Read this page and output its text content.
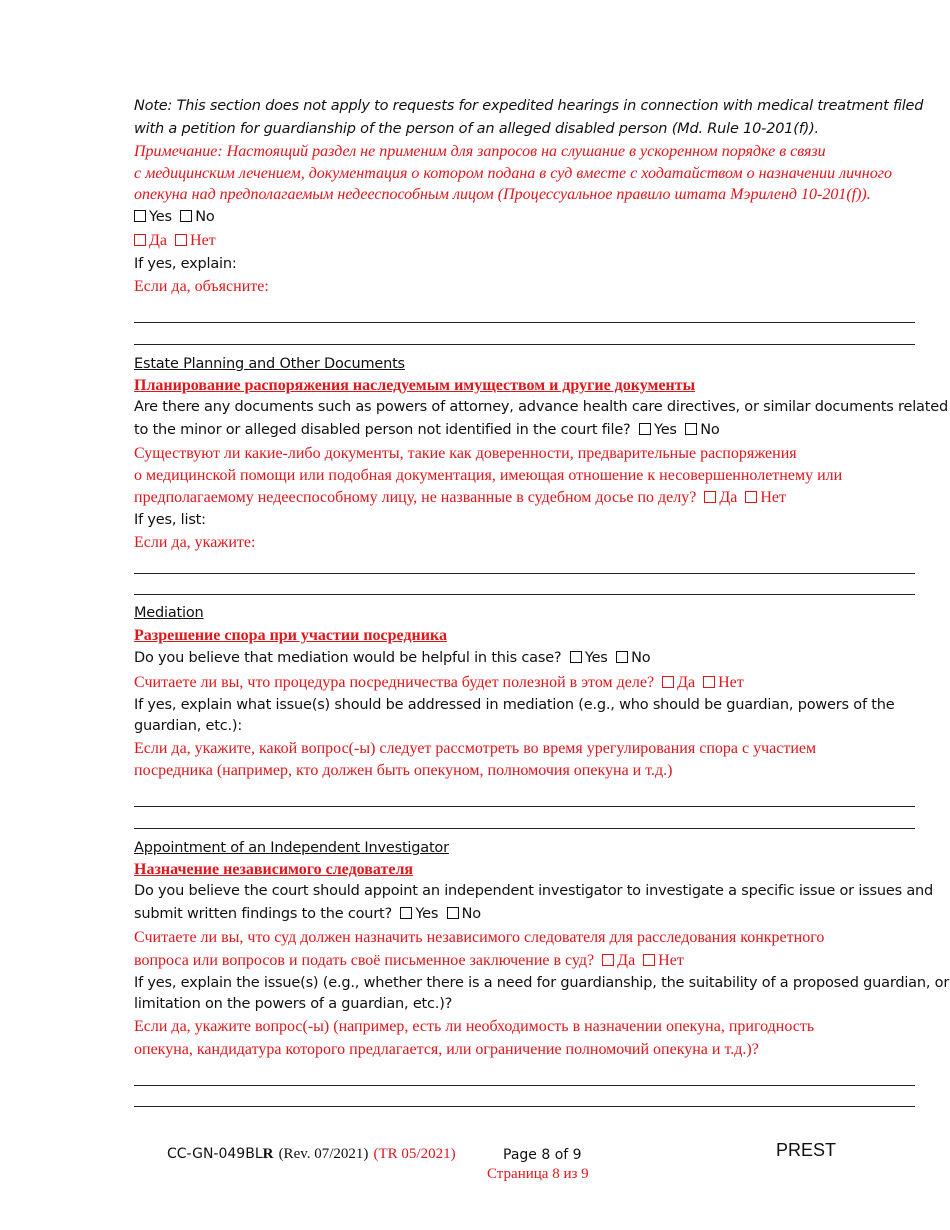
Note: This section does not apply to requests for expedited hearings in connection with medical treatment filed
with a petition for guardianship of the person of an alleged disabled person (Md. Rule 10-201(f)).
Примечание: Настоящий раздел не применим для запросов на слушание в ускоренном порядке в связи
с медицинским лечением, документация о котором подана в суд вместе с ходатайством о назначении личного
опекуна над предполагаемым недееспособным лицом (Процессуальное правило штата Мэриленд 10-201(f)).
Yes No
Да Нет
If yes, explain:
Если да, объясните:
Estate Planning and Other Documents
Планирование распоряжения наследуемым имуществом и другие документы
Are there any documents such as powers of attorney, advance health care directives, or similar documents related
to the minor or alleged disabled person not identified in the court file? Yes No
Существуют ли какие-либо документы, такие как доверенности, предварительные распоряжения
о медицинской помощи или подобная документация, имеющая отношение к несовершеннолетнему или
предполагаемому недееспособному лицу, не названные в судебном досье по делу? Да Нет
If yes, list:
Если да, укажите:
Mediation
Разрешение спора при участии посредника
Do you believe that mediation would be helpful in this case? Yes No
Считаете ли вы, что процедура посредничества будет полезной в этом деле? Да Нет
If yes, explain what issue(s) should be addressed in mediation (e.g., who should be guardian, powers of the
guardian, etc.):
Если да, укажите, какой вопрос(-ы) следует рассмотреть во время урегулирования спора с участием
посредника (например, кто должен быть опекуном, полномочия опекуна и т.д.)
Appointment of an Independent Investigator
Назначение независимого следователя
Do you believe the court should appoint an independent investigator to investigate a specific issue or issues and
submit written findings to the court? Yes No
Считаете ли вы, что суд должен назначить независимого следователя для расследования конкретного
вопроса или вопросов и подать своё письменное заключение в суд? Да Нет
If yes, explain the issue(s) (e.g., whether there is a need for guardianship, the suitability of a proposed guardian, or
limitation on the powers of a guardian, etc.)?
Если да, укажите вопрос(-ы) (например, есть ли необходимость в назначении опекуна, пригодность
опекуна, кандидатура которого предлагается, или ограничение полномочий опекуна и т.д.)?
CC-GN-049BLR (Rev. 07/2021) (TR 05/2021)	Page 8 of 9
Страница 8 из 9
PREST
